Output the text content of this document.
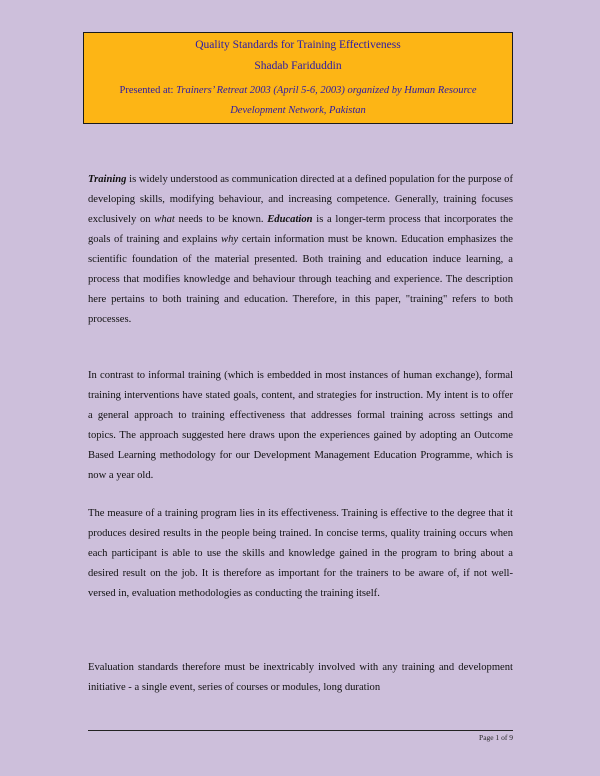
Quality Standards for Training Effectiveness
Shadab Fariduddin
Presented at: Trainers’ Retreat 2003 (April 5-6, 2003) organized by Human Resource
Development Network, Pakistan

Training is widely understood as communication directed at a defined population for the purpose of developing skills, modifying behaviour, and increasing competence. Generally, training focuses exclusively on what needs to be known. Education is a longer-term process that incorporates the goals of training and explains why certain information must be known. Education emphasizes the scientific foundation of the material presented. Both training and education induce learning, a process that modifies knowledge and behaviour through teaching and experience. The description here pertains to both training and education. Therefore, in this paper, "training" refers to both processes.

In contrast to informal training (which is embedded in most instances of human exchange), formal training interventions have stated goals, content, and strategies for instruction. My intent is to offer a general approach to training effectiveness that addresses formal training across settings and topics. The approach suggested here draws upon the experiences gained by adopting an Outcome Based Learning methodology for our Development Management Education Programme, which is now a year old.

The measure of a training program lies in its effectiveness. Training is effective to the degree that it produces desired results in the people being trained. In concise terms, quality training occurs when each participant is able to use the skills and knowledge gained in the program to bring about a desired result on the job. It is therefore as important for the trainers to be aware of, if not well-versed in, evaluation methodologies as conducting the training itself.

Evaluation standards therefore must be inextricably involved with any training and development initiative - a single event, series of courses or modules, long duration

Page 1 of 9
